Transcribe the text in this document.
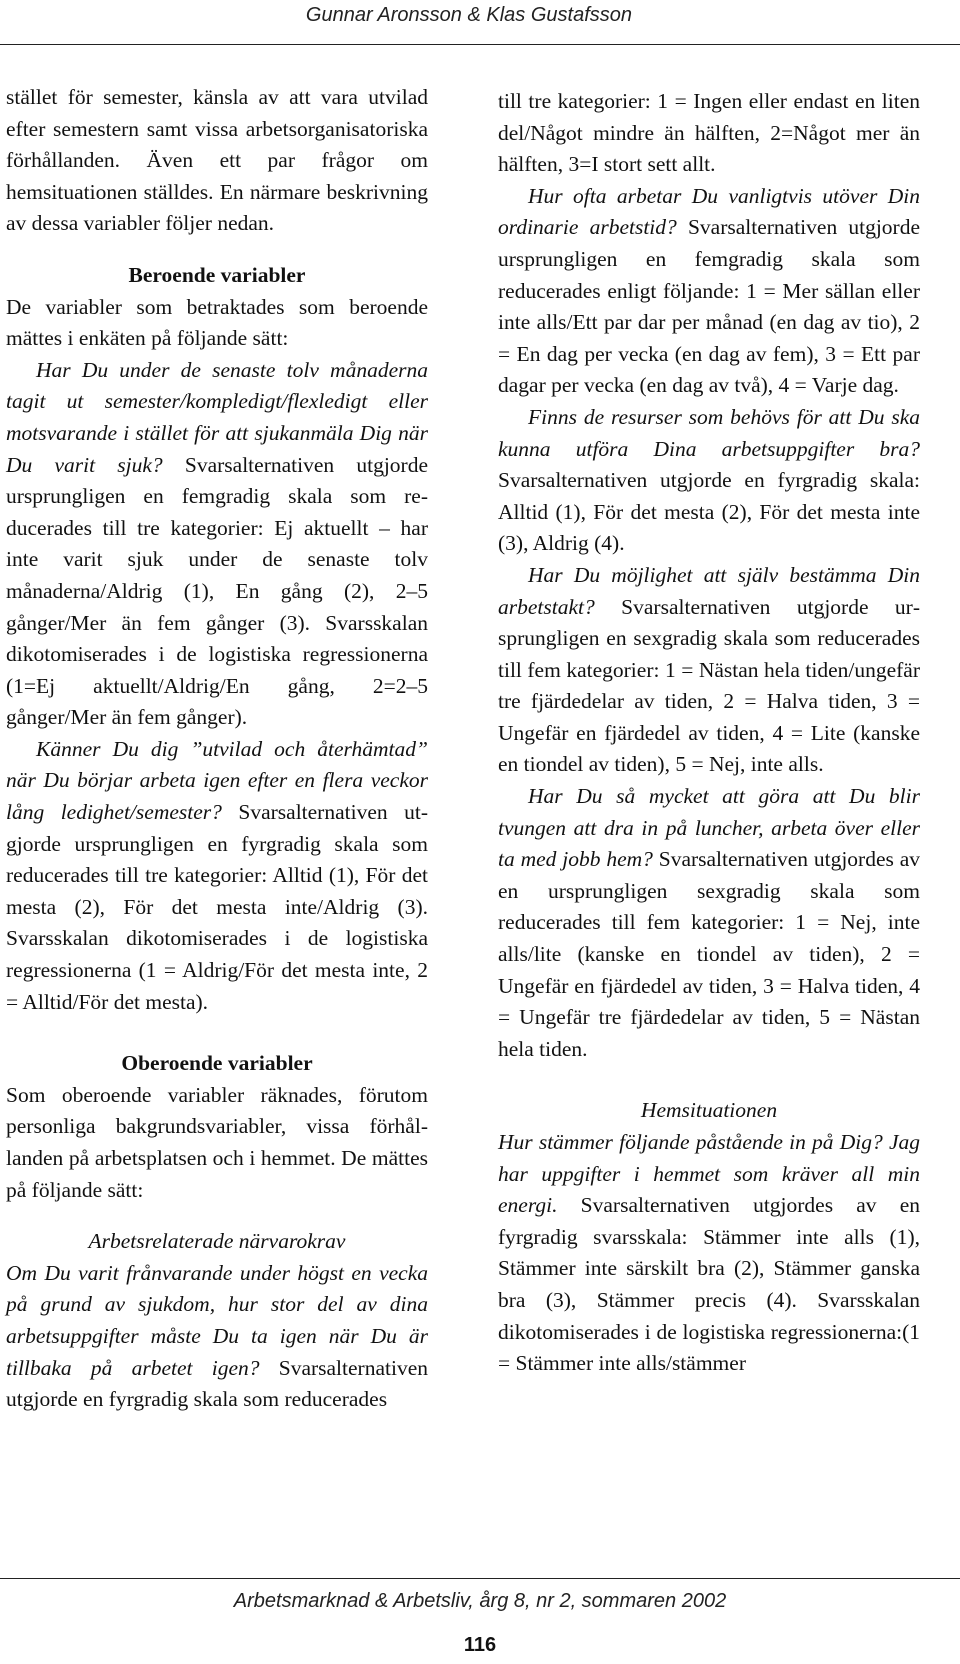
Gunnar Aronsson & Klas Gustafsson

stället för semester, känsla av att vara utvilad efter semestern samt vissa arbetsorganisatoriska förhållanden. Även ett par frågor om hemsituationen ställdes. En närmare beskrivning av dessa variabler följer nedan.

Beroende variabler

De variabler som betraktades som beroende mättes i enkäten på följande sätt:

Har Du under de senaste tolv månaderna tagit ut semester/kompledigt/flexledigt eller motsvarande i stället för att sjukanmäla Dig när Du varit sjuk? Svarsalternativen utgjorde ursprungligen en femgradig skala som reducerades till tre kategorier: Ej aktuellt – har inte varit sjuk under de senaste tolv månaderna/Aldrig (1), En gång (2), 2–5 gånger/Mer än fem gånger (3). Svarsskalan dikotomiserades i de logistiska regressionerna (1=Ej aktuellt/Aldrig/En gång, 2=2–5 gånger/Mer än fem gånger).

Känner Du dig ”utvilad och återhämtad” när Du börjar arbeta igen efter en flera veckor lång ledighet/semester? Svarsalternativen utgjorde ursprungligen en fyrgradig skala som reducerades till tre kategorier: Alltid (1), För det mesta (2), För det mesta inte/Aldrig (3). Svarsskalan dikotomiserades i de logistiska regressionerna (1 = Aldrig/För det mesta inte, 2 = Alltid/För det mesta).

Oberoende variabler

Som oberoende variabler räknades, förutom personliga bakgrundsvariabler, vissa förhållanden på arbetsplatsen och i hemmet. De mättes på följande sätt:

Arbetsrelaterade närvarokrav

Om Du varit frånvarande under högst en vecka på grund av sjukdom, hur stor del av dina arbetsuppgifter måste Du ta igen när Du är tillbaka på arbetet igen? Svarsalternativen utgjorde en fyrgradig skala som reducerades

till tre kategorier: 1 = Ingen eller endast en liten del/Något mindre än hälften, 2=Något mer än hälften, 3=I stort sett allt.

Hur ofta arbetar Du vanligtvis utöver Din ordinarie arbetstid? Svarsalternativen utgjorde ursprungligen en femgradig skala som reducerades enligt följande: 1 = Mer sällan eller inte alls/Ett par dar per månad (en dag av tio), 2 = En dag per vecka (en dag av fem), 3 = Ett par dagar per vecka (en dag av två), 4 = Varje dag.

Finns de resurser som behövs för att Du ska kunna utföra Dina arbetsuppgifter bra? Svarsalternativen utgjorde en fyrgradig skala: Alltid (1), För det mesta (2), För det mesta inte (3), Aldrig (4).

Har Du möjlighet att själv bestämma Din arbetstakt? Svarsalternativen utgjorde ursprungligen en sexgradig skala som reducerades till fem kategorier: 1 = Nästan hela tiden/ungefär tre fjärdedelar av tiden, 2 = Halva tiden, 3 = Ungefär en fjärdedel av tiden, 4 = Lite (kanske en tiondel av tiden), 5 = Nej, inte alls.

Har Du så mycket att göra att Du blir tvungen att dra in på luncher, arbeta över eller ta med jobb hem? Svarsalternativen utgjordes av en ursprungligen sexgradig skala som reducerades till fem kategorier: 1 = Nej, inte alls/lite (kanske en tiondel av tiden), 2 = Ungefär en fjärdedel av tiden, 3 = Halva tiden, 4 = Ungefär tre fjärdedelar av tiden, 5 = Nästan hela tiden.

Hemsituationen

Hur stämmer följande påstående in på Dig? Jag har uppgifter i hemmet som kräver all min energi. Svarsalternativen utgjordes av en fyrgradig svarsskala: Stämmer inte alls (1), Stämmer inte särskilt bra (2), Stämmer ganska bra (3), Stämmer precis (4). Svarsskalan dikotomiserades i de logistiska regressionerna:(1 = Stämmer inte alls/stämmer

Arbetsmarknad & Arbetsliv, årg 8, nr 2, sommaren 2002
116
